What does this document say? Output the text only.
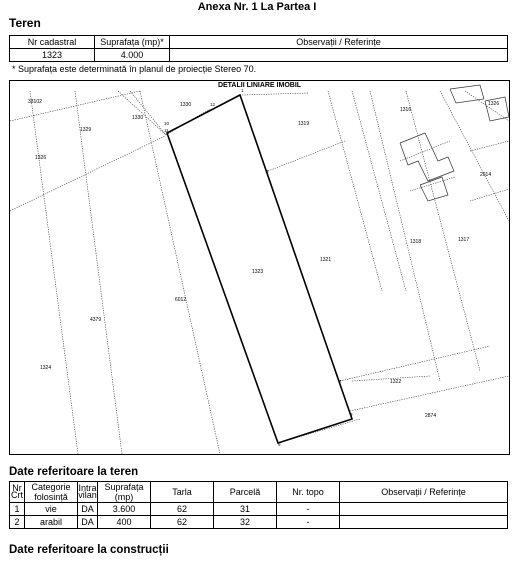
Anexa Nr. 1 La Partea I
Teren
Nr cadastral	Suprafața (mp)*	Observații / Referințe
1323	4.000	
* Suprafața este determinată în planul de proiecție Stereo 70.
DETALII LINIARE IMOBIL
33102	1330
1330
1329
1326
1319
1316
1326
2014
1318	1317
1321
1323
6012
4379
1324
1322
2874
1
12
10
11
3
7
8
9
Date referitoare la teren
Nr Crt	Categorie folosință	Intra vilan	Suprafața (mp)	Tarla	Parcelă	Nr. topo	Observații / Referințe
1	vie	DA	3.600	62	31	-	
2	arabil	DA	400	62	32	-	
Date referitoare la construcții
